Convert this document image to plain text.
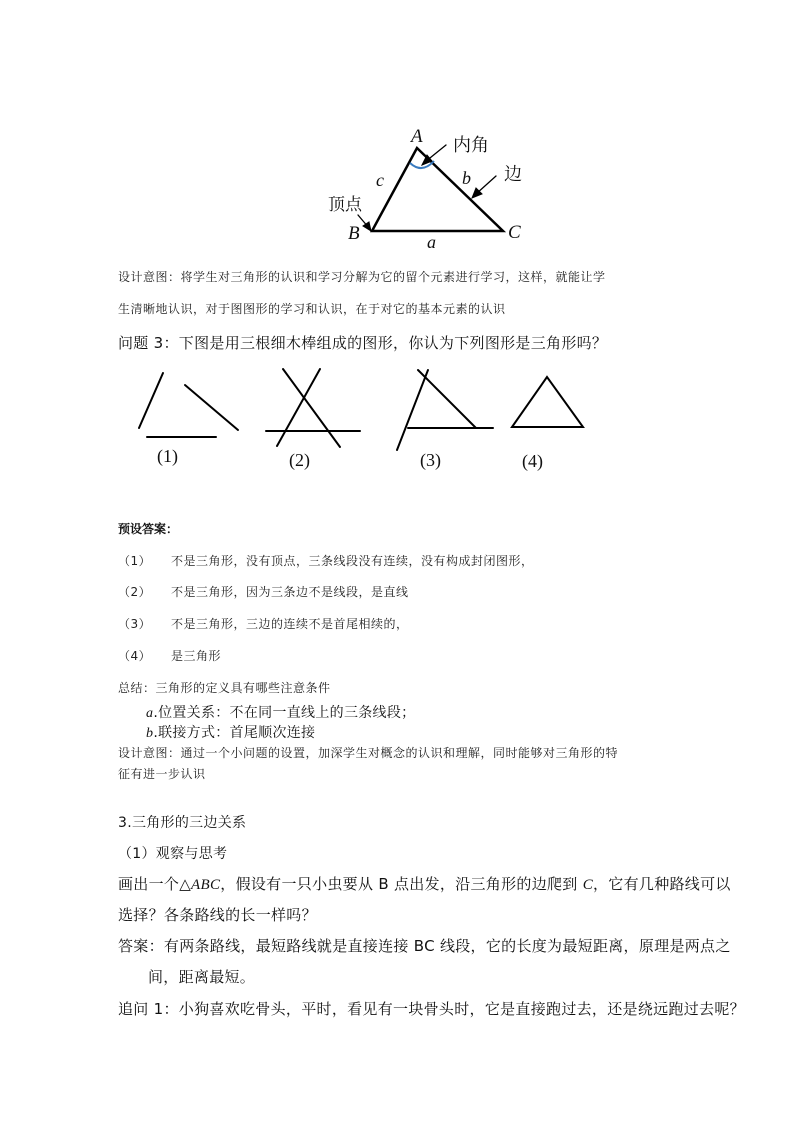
A 内角
c	b 边
顶点
B	C
a
设计意图：将学生对三角形的认识和学习分解为它的留个元素进行学习，这样，就能让学
生清晰地认识，对于图图形的学习和认识，在于对它的基本元素的认识
问题 3：下图是用三根细木棒组成的图形，你认为下列图形是三角形吗？
(1)	(2)	(3)	(4)
预设答案：
（1） 不是三角形，没有顶点，三条线段没有连续，没有构成封闭图形，
（2） 不是三角形，因为三条边不是线段，是直线
（3） 不是三角形，三边的连续不是首尾相续的，
（4） 是三角形
总结：三角形的定义具有哪些注意条件
a.位置关系：不在同一直线上的三条线段；
b.联接方式：首尾顺次连接
设计意图：通过一个小问题的设置，加深学生对概念的认识和理解，同时能够对三角形的特
征有进一步认识
3.三角形的三边关系
（1）观察与思考
画出一个△ABC，假设有一只小虫要从 B 点出发，沿三角形的边爬到 C，它有几种路线可以
选择？各条路线的长一样吗？
答案：有两条路线，最短路线就是直接连接 BC 线段，它的长度为最短距离，原理是两点之
间，距离最短。
追问 1：小狗喜欢吃骨头，平时，看见有一块骨头时，它是直接跑过去，还是绕远跑过去呢？
